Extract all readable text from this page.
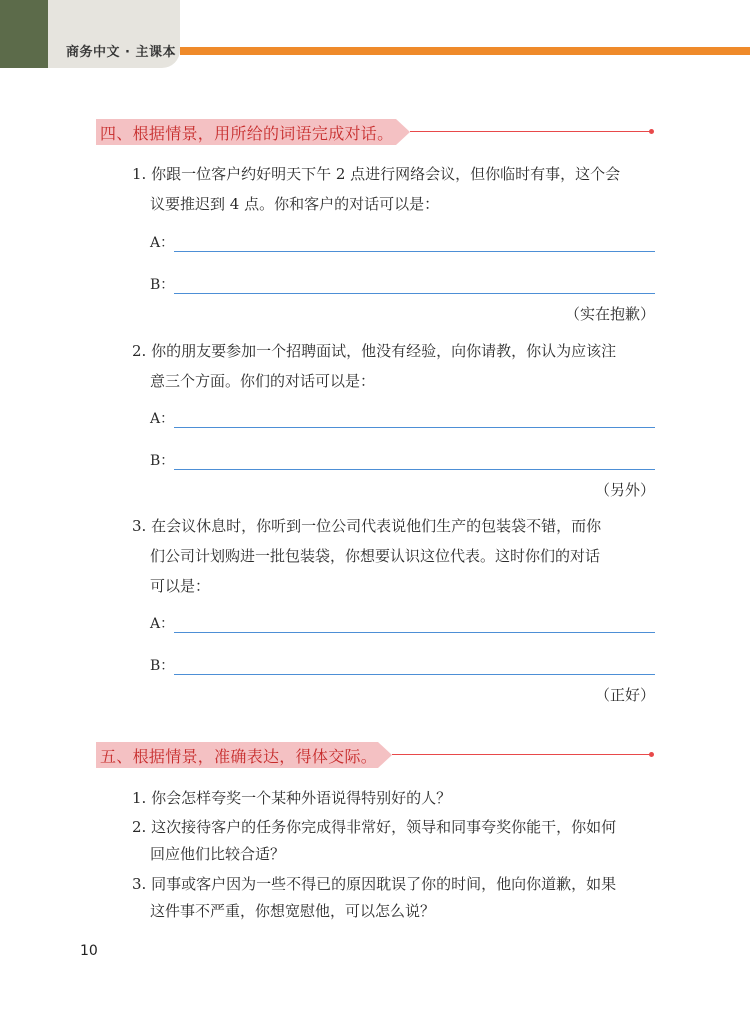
商务中文 · 主课本
四、根据情景，用所给的词语完成对话。
1. 你跟一位客户约好明天下午 2 点进行网络会议，但你临时有事，这个会
议要推迟到 4 点。你和客户的对话可以是：
A：
B：
（实在抱歉）
2. 你的朋友要参加一个招聘面试，他没有经验，向你请教，你认为应该注
意三个方面。你们的对话可以是：
A：
B：
（另外）
3. 在会议休息时，你听到一位公司代表说他们生产的包装袋不错，而你
们公司计划购进一批包装袋，你想要认识这位代表。这时你们的对话
可以是：
A：
B：
（正好）
五、根据情景，准确表达，得体交际。
1. 你会怎样夸奖一个某种外语说得特别好的人？
2. 这次接待客户的任务你完成得非常好，领导和同事夸奖你能干，你如何
回应他们比较合适？
3. 同事或客户因为一些不得已的原因耽误了你的时间，他向你道歉，如果
这件事不严重，你想宽慰他，可以怎么说？
10
